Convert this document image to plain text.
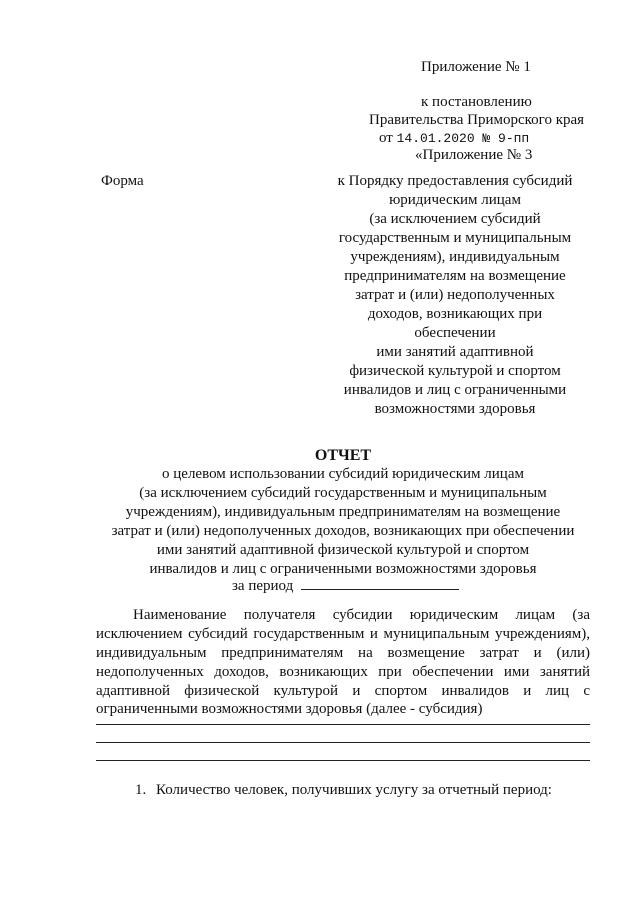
Приложение № 1
к постановлению
Правительства Приморского края
от 14.01.2020 № 9-пп
«Приложение № 3
Форма	к Порядку предоставления субсидий
юридическим лицам
(за исключением субсидий
государственным и муниципальным
учреждениям), индивидуальным
предпринимателям на возмещение
затрат и (или) недополученных
доходов, возникающих при
обеспечении
ими занятий адаптивной
физической культурой и спортом
инвалидов и лиц с ограниченными
возможностями здоровья
ОТЧЕТ
о целевом использовании субсидий юридическим лицам
(за исключением субсидий государственным и муниципальным
учреждениям), индивидуальным предпринимателям на возмещение
затрат и (или) недополученных доходов, возникающих при обеспечении
ими занятий адаптивной физической культурой и спортом
инвалидов и лиц с ограниченными возможностями здоровья
за период
Наименование получателя субсидии юридическим лицам (за
исключением субсидий государственным и муниципальным учреждениям),
индивидуальным предпринимателям на возмещение затрат и (или)
недополученных доходов, возникающих при обеспечении ими занятий
адаптивной физической культурой и спортом инвалидов и лиц с
ограниченными возможностями здоровья (далее - субсидия)
1. Количество человек, получивших услугу за отчетный период:
